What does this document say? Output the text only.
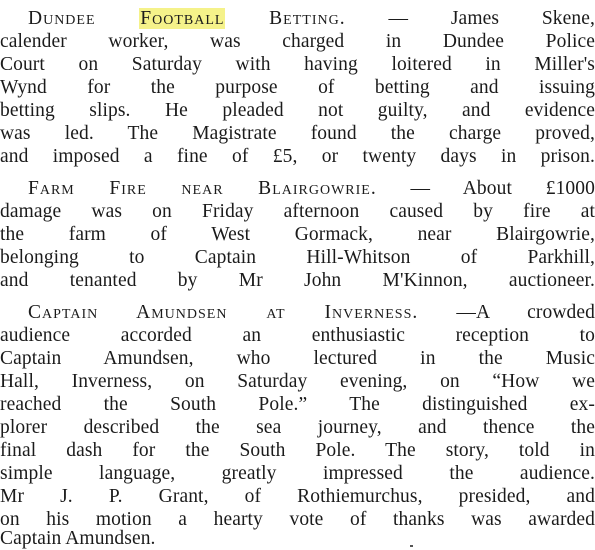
Dundee Football Betting. — James Skene,
calender worker, was charged in Dundee Police
Court on Saturday with having loitered in Miller's
Wynd for the purpose of betting and issuing
betting slips. He pleaded not guilty, and evidence
was led. The Magistrate found the charge proved,
and imposed a fine of £5, or twenty days in prison.
Farm Fire near Blairgowrie. — About £1000
damage was on Friday afternoon caused by fire at
the farm of West Gormack, near Blairgowrie,
belonging to Captain Hill-Whitson of Parkhill,
and tenanted by Mr John M'Kinnon, auctioneer.
Captain Amundsen at Inverness. —A crowded
audience accorded an enthusiastic reception to
Captain Amundsen, who lectured in the Music
Hall, Inverness, on Saturday evening, on “How we
reached the South Pole.” The distinguished ex-
plorer described the sea journey, and thence the
final dash for the South Pole. The story, told in
simple language, greatly impressed the audience.
Mr J. P. Grant, of Rothiemurchus, presided, and
on his motion a hearty vote of thanks was awarded
Captain Amundsen.
